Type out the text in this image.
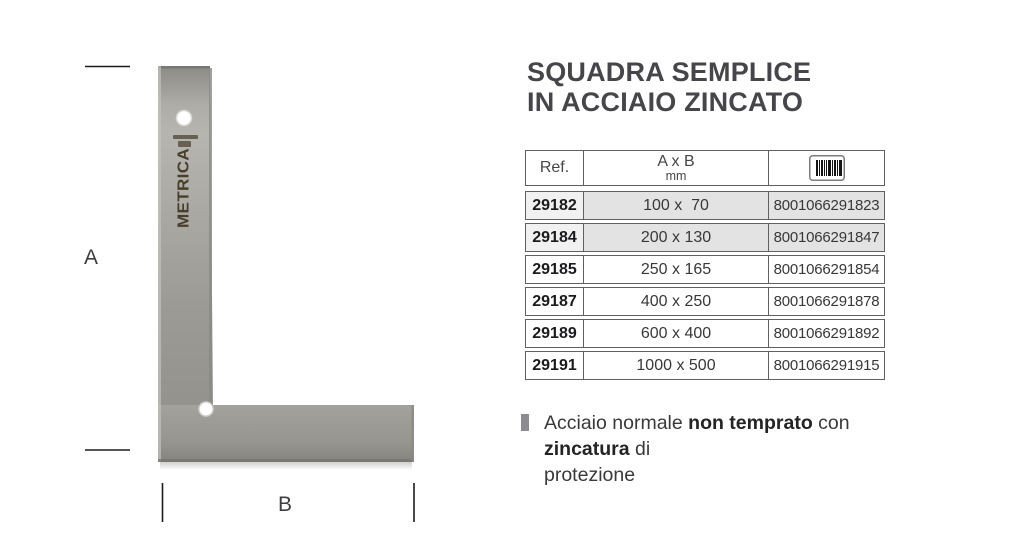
METRICA
A
B
SQUADRA SEMPLICE
IN ACCIAIO ZINCATO
Ref.	A x B
mm
29182	100 x  70	8001066291823
29184	200 x 130	8001066291847
29185	250 x 165	8001066291854
29187	400 x 250	8001066291878
29189	600 x 400	8001066291892
29191	1000 x 500	8001066291915
Acciaio normale non temprato con zincatura di
protezione
